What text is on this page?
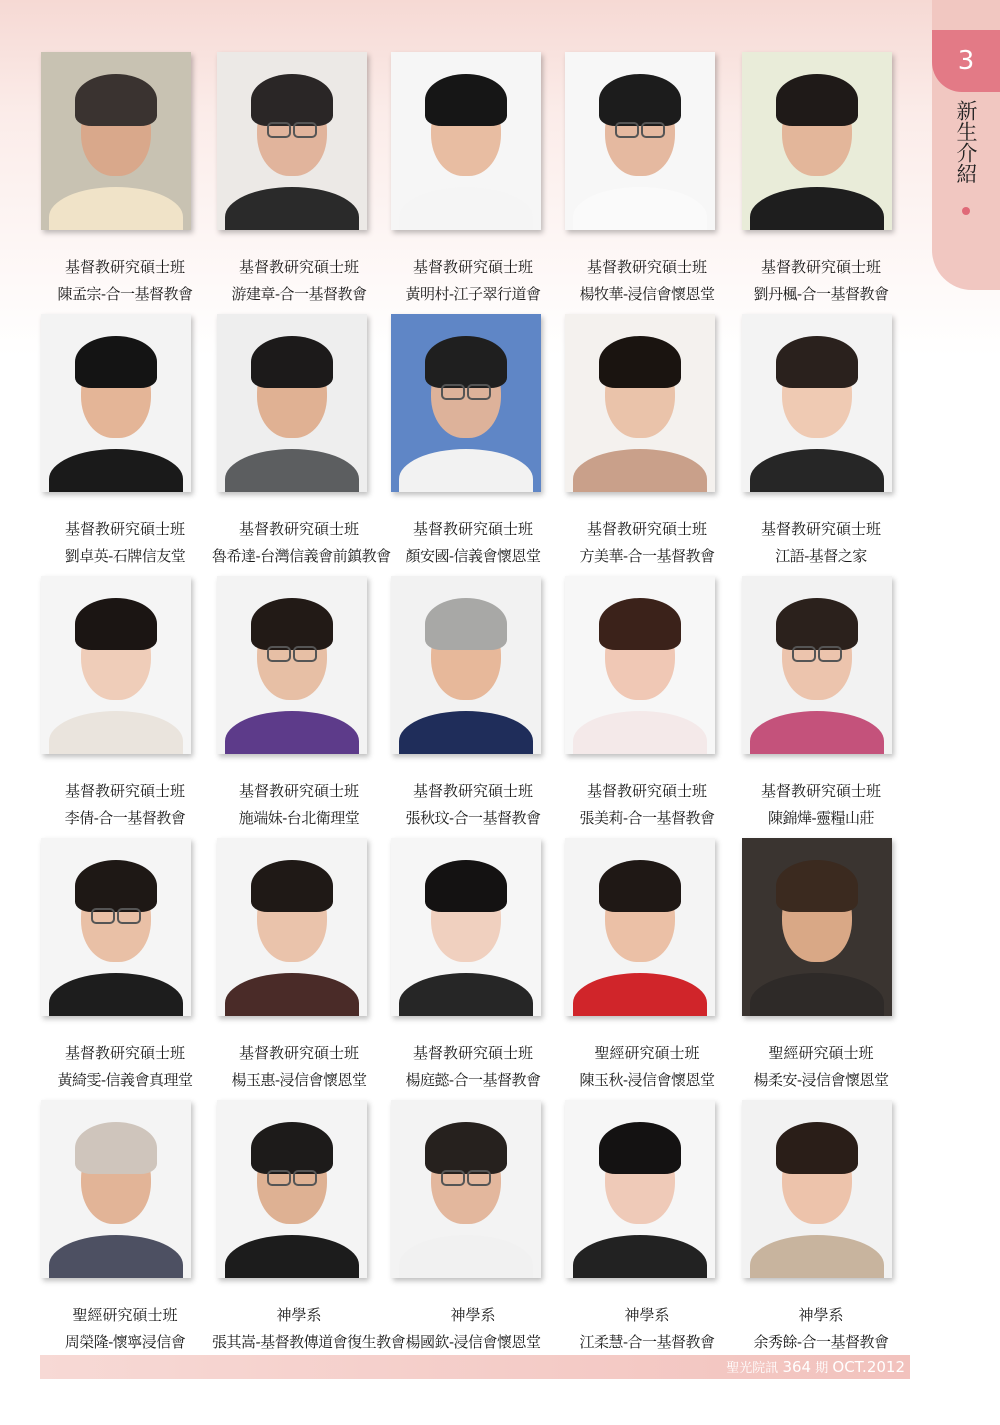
3
新生介紹
基督教研究碩士班
陳孟宗-合一基督教會
基督教研究碩士班
游建章-合一基督教會
基督教研究碩士班
黃明村-江子翠行道會
基督教研究碩士班
楊牧華-浸信會懷恩堂
基督教研究碩士班
劉丹楓-合一基督教會
基督教研究碩士班
劉卓英-石牌信友堂
基督教研究碩士班
魯希達-台灣信義會前鎮教會
基督教研究碩士班
顏安國-信義會懷恩堂
基督教研究碩士班
方美華-合一基督教會
基督教研究碩士班
江語-基督之家
基督教研究碩士班
李倩-合一基督教會
基督教研究碩士班
施端妹-台北衛理堂
基督教研究碩士班
張秋玟-合一基督教會
基督教研究碩士班
張美莉-合一基督教會
基督教研究碩士班
陳錦燁-靈糧山莊
基督教研究碩士班
黃綺雯-信義會真理堂
基督教研究碩士班
楊玉惠-浸信會懷恩堂
基督教研究碩士班
楊庭懿-合一基督教會
聖經研究碩士班
陳玉秋-浸信會懷恩堂
聖經研究碩士班
楊柔安-浸信會懷恩堂
聖經研究碩士班
周榮隆-懷寧浸信會
神學系
張其嵩-基督教傳道會復生教會
神學系
楊國欽-浸信會懷恩堂
神學系
江柔慧-合一基督教會
神學系
余秀餘-合一基督教會
聖光院訊 364 期 OCT.2012
